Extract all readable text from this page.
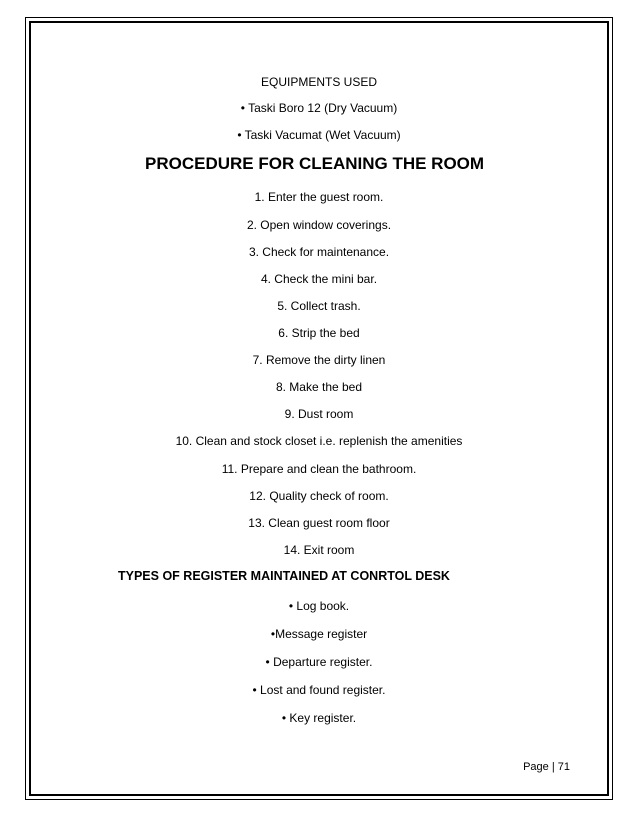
EQUIPMENTS USED
• Taski Boro 12 (Dry Vacuum)
• Taski Vacumat (Wet Vacuum)
PROCEDURE FOR CLEANING THE ROOM
1. Enter the guest room.
2. Open window coverings.
3. Check for maintenance.
4. Check the mini bar.
5. Collect trash.
6. Strip the bed
7. Remove the dirty linen
8. Make the bed
9. Dust room
10. Clean and stock closet i.e. replenish the amenities
11. Prepare and clean the bathroom.
12. Quality check of room.
13. Clean guest room floor
14. Exit room
TYPES OF REGISTER MAINTAINED AT CONRTOL DESK
• Log book.
•Message register
• Departure register.
• Lost and found register.
• Key register.
Page | 71
